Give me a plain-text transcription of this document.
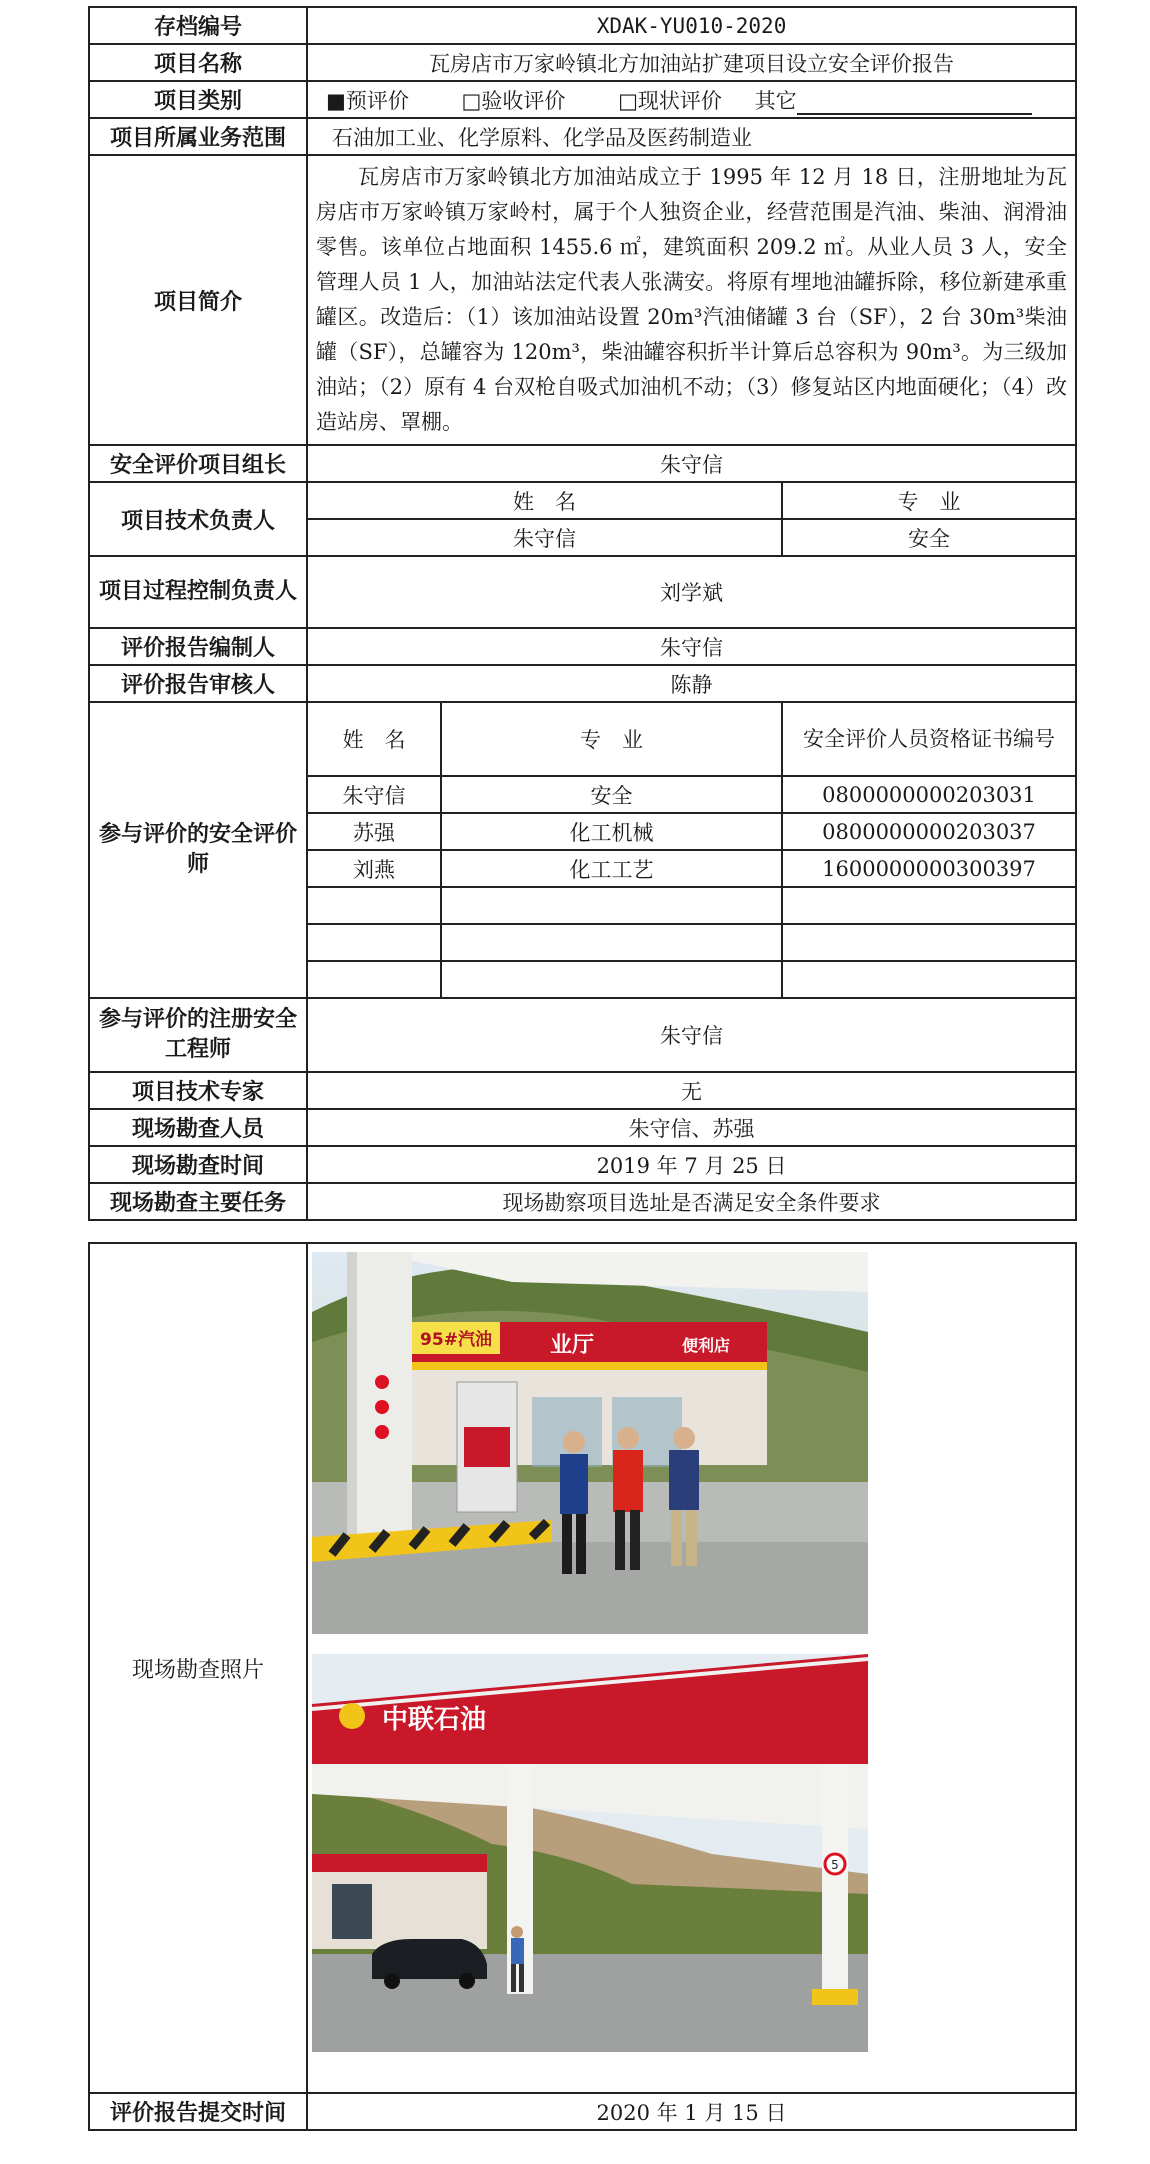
存档编号	XDAK-YU010-2020		
项目名称	瓦房店市万家岭镇北方加油站扩建项目设立安全评价报告		
项目类别	■预评价 □验收评价 □现状评价 其它		
项目所属业务范围	石油加工业、化学原料、化学品及医药制造业		
项目简介	瓦房店市万家岭镇北方加油站成立于 1995 年 12 月 18 日，注册地址为瓦房店市万家岭镇万家岭村，属于个人独资企业，经营范围是汽油、柴油、润滑油零售。该单位占地面积 1455.6 ㎡，建筑面积 209.2 ㎡。从业人员 3 人，安全管理人员 1 人，加油站法定代表人张满安。将原有埋地油罐拆除，移位新建承重罐区。改造后：（1）该加油站设置 20m³汽油储罐 3 台（SF），2 台 30m³柴油罐（SF），总罐容为 120m³，柴油罐容积折半计算后总容积为 90m³。为三级加油站；（2）原有 4 台双枪自吸式加油机不动；（3）修复站区内地面硬化；（4）改造站房、罩棚。		
安全评价项目组长	朱守信		
项目技术负责人	姓　名		专　业
	朱守信		安全
项目过程控制负责人	刘学斌		
评价报告编制人	朱守信		
评价报告审核人	陈静		
参与评价的安全评价师	姓　名	专　业	安全评价人员资格证书编号
	朱守信	安全	0800000000203031
	苏强	化工机械	0800000000203037
	刘燕	化工工艺	1600000000300397

参与评价的注册安全工程师	朱守信		
项目技术专家	无		
现场勘查人员	朱守信、苏强		
现场勘查时间	2019 年 7 月 25 日		
现场勘查主要任务	现场勘察项目选址是否满足安全条件要求		
现场勘查照片	95#汽油 业厅 便利店
中联石油
5

评价报告提交时间	2020 年 1 月 15 日
